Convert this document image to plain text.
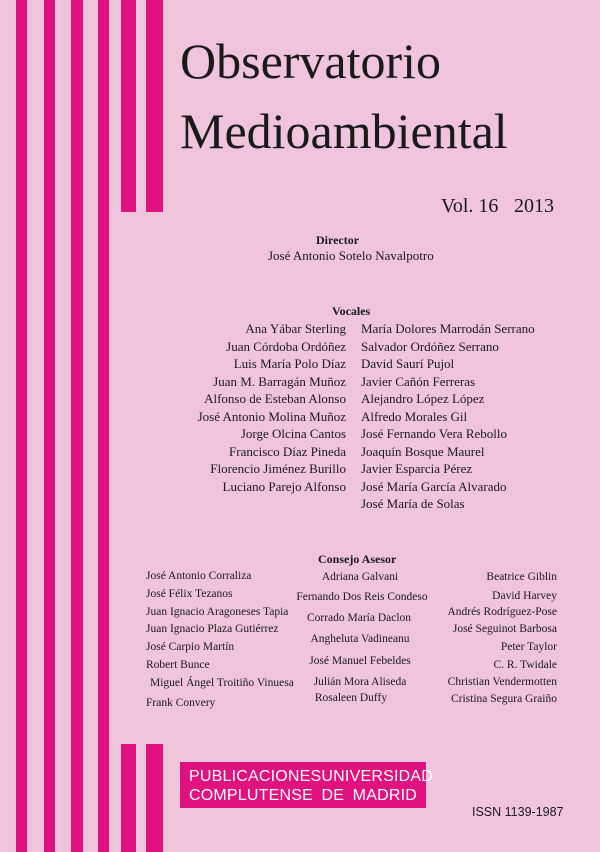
Observatorio
Medioambiental
Vol. 16 2013
Director
José Antonio Sotelo Navalpotro
Vocales
Ana Yábar Sterling
Juan Córdoba Ordóñez
Luis María Polo Díaz
Juan M. Barragán Muñoz
Alfonso de Esteban Alonso
José Antonio Molina Muñoz
Jorge Olcina Cantos
Francisco Díaz Pineda
Florencio Jiménez Burillo
Luciano Parejo Alfonso
María Dolores Marrodán Serrano
Salvador Ordóñez Serrano
David Saurí Pujol
Javier Cañón Ferreras
Alejandro López López
Alfredo Morales Gil
José Fernando Vera Rebollo
Joaquín Bosque Maurel
Javier Esparcia Pérez
José María García Alvarado
José María de Solas
Consejo Asesor
José Antonio Corraliza
José Félix Tezanos
Juan Ignacio Aragoneses Tapia
Juan Ignacio Plaza Gutiérrez
José Carpio Martín
Robert Bunce
Miguel Ángel Troitiño Vinuesa
Frank Convery
Adriana Galvani
Fernando Dos Reis Condeso
Corrado María Daclon
Angheluta Vadineanu
José Manuel Febeldes
Julián Mora Aliseda
Rosaleen Duffy
Beatrice Giblin
David Harvey
Andrés Rodríguez-Pose
José Seguinot Barbosa
Peter Taylor
C. R. Twidale
Christian Vendermotten
Cristina Segura Graiño
PUBLICACIONES UNIVERSIDAD
COMPLUTENSE DE MADRID
ISSN 1139-1987
